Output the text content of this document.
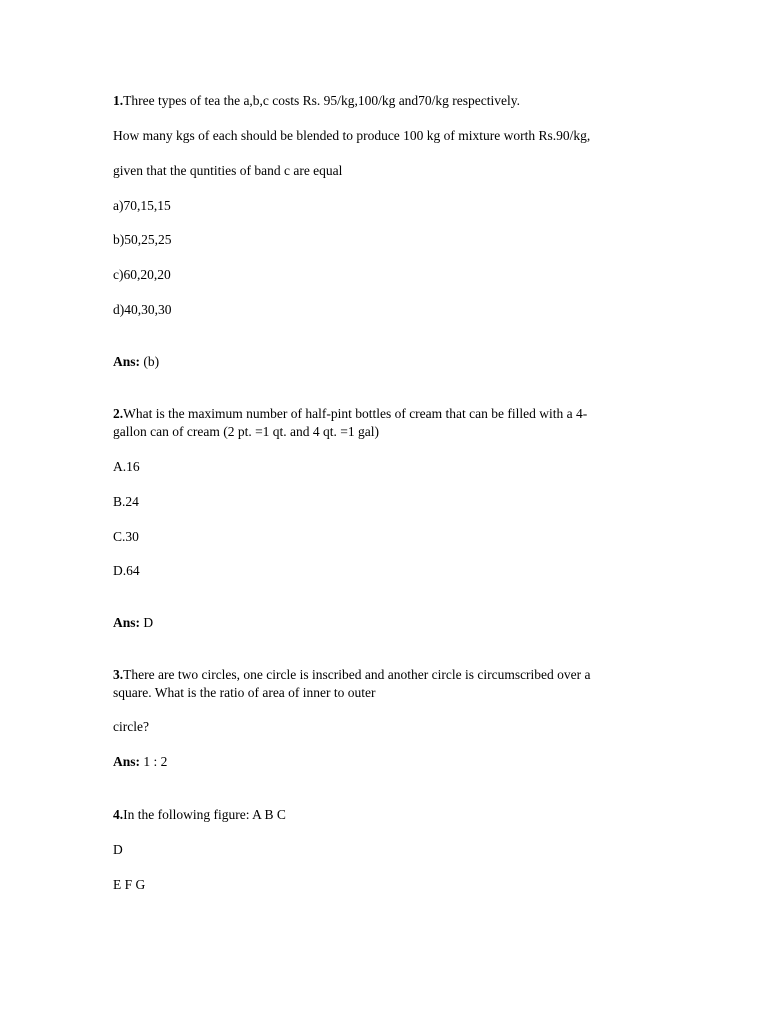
1.Three types of tea the a,b,c costs Rs. 95/kg,100/kg and70/kg respectively.
How many kgs of each should be blended to produce 100 kg of mixture worth Rs.90/kg,
given that the quntities of band c are equal
a)70,15,15
b)50,25,25
c)60,20,20
d)40,30,30
Ans: (b)
2.What is the maximum number of half-pint bottles of cream that can be filled with a 4-
gallon can of cream (2 pt. =1 qt. and 4 qt. =1 gal)
A.16
B.24
C.30
D.64
Ans: D
3.There are two circles, one circle is inscribed and another circle is circumscribed over a
square. What is the ratio of area of inner to outer
circle?
Ans: 1 : 2
4.In the following figure: A B C
D
E F G
